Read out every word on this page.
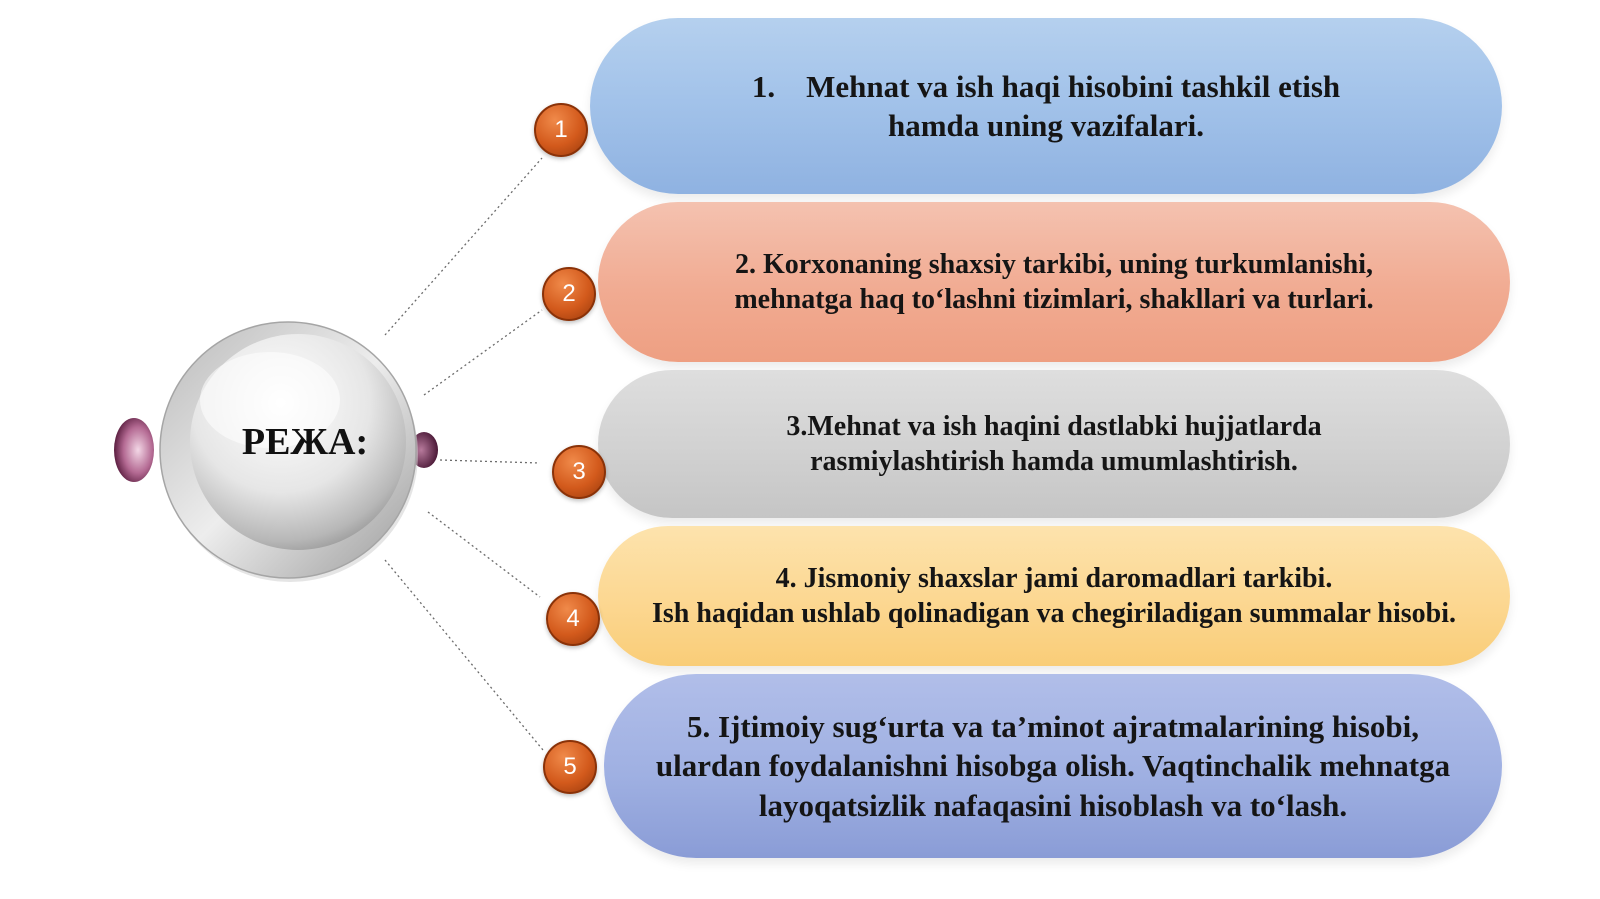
РЕЖА:
1.    Mehnat va ish haqi hisobini tashkil etish
hamda uning vazifalari.
2. Korxonaning shaxsiy tarkibi, uning turkumlanishi,
mehnatga haq to‘lashni tizimlari, shakllari va turlari.
3.Mehnat va ish haqini dastlabki hujjatlarda
rasmiylashtirish hamda umumlashtirish.
4. Jismoniy shaxslar jami daromadlari tarkibi.
Ish haqidan ushlab qolinadigan va chegiriladigan summalar hisobi.
5. Ijtimoiy sug‘urta va ta’minot ajratmalarining hisobi,
ulardan foydalanishni hisobga olish. Vaqtinchalik mehnatga
layoqatsizlik nafaqasini hisoblash va to‘lash.
1
2
3
4
5
